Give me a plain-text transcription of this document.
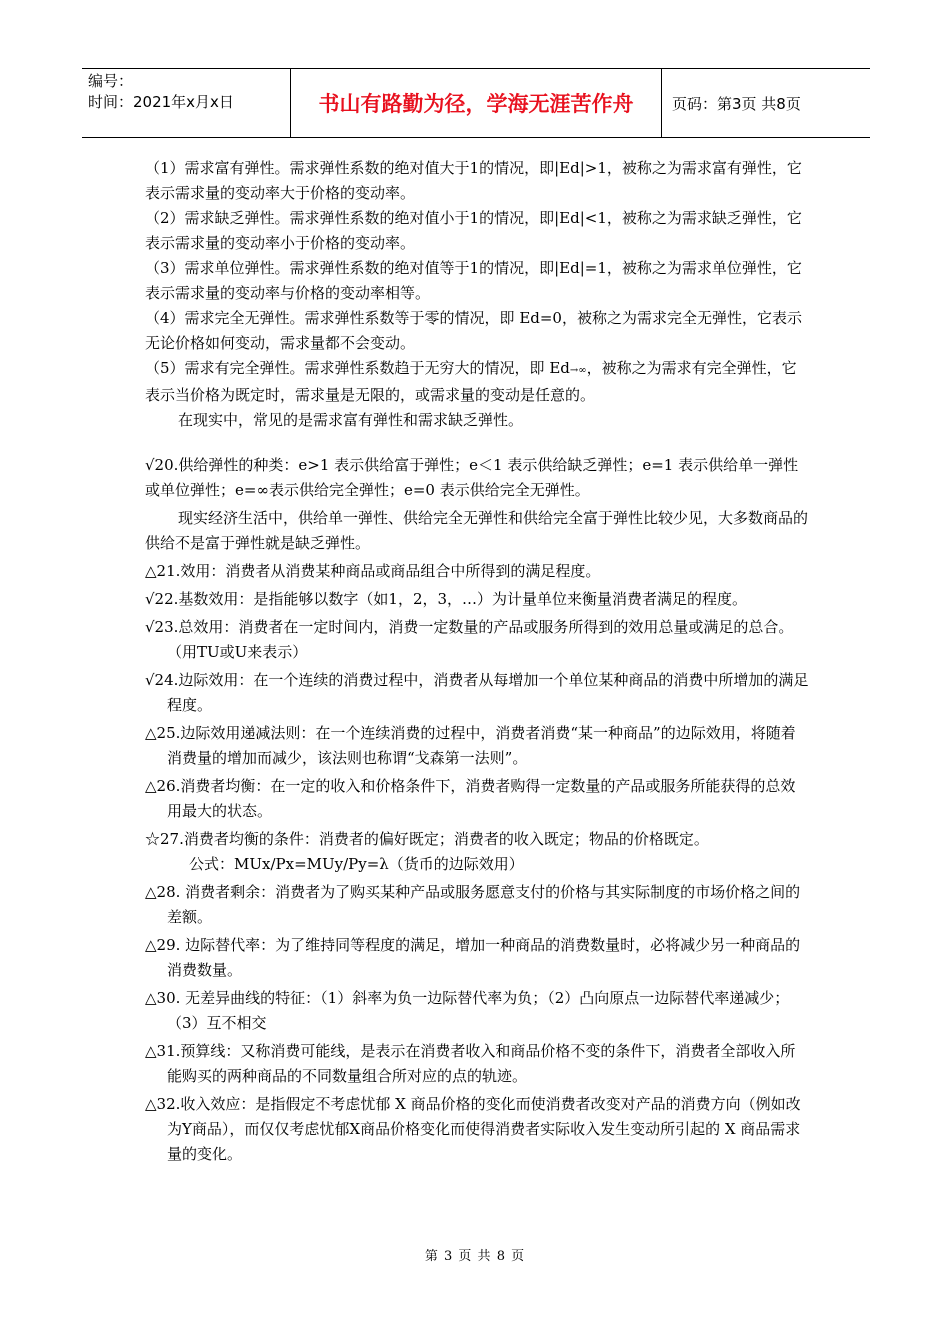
编号：
时间：2021年x月x日	书山有路勤为径，学海无涯苦作舟	页码：第3页 共8页

（1）需求富有弹性。需求弹性系数的绝对值大于1的情况，即|Ed|>1，被称之为需求富有弹性，它表示需求量的变动率大于价格的变动率。

（2）需求缺乏弹性。需求弹性系数的绝对值小于1的情况，即|Ed|<1，被称之为需求缺乏弹性，它表示需求量的变动率小于价格的变动率。

（3）需求单位弹性。需求弹性系数的绝对值等于1的情况，即|Ed|=1，被称之为需求单位弹性，它表示需求量的变动率与价格的变动率相等。

（4）需求完全无弹性。需求弹性系数等于零的情况，即 Ed=0，被称之为需求完全无弹性，它表示无论价格如何变动，需求量都不会变动。

（5）需求有完全弹性。需求弹性系数趋于无穷大的情况，即 Ed→∞，被称之为需求有完全弹性，它表示当价格为既定时，需求量是无限的，或需求量的变动是任意的。

在现实中，常见的是需求富有弹性和需求缺乏弹性。

√20.供给弹性的种类：e>1 表示供给富于弹性；e＜1 表示供给缺乏弹性；e=1 表示供给单一弹性或单位弹性；e=∞表示供给完全弹性；e=0 表示供给完全无弹性。

现实经济生活中，供给单一弹性、供给完全无弹性和供给完全富于弹性比较少见，大多数商品的供给不是富于弹性就是缺乏弹性。

△21.效用：消费者从消费某种商品或商品组合中所得到的满足程度。

√22.基数效用：是指能够以数字（如1，2，3，…）为计量单位来衡量消费者满足的程度。

√23.总效用：消费者在一定时间内，消费一定数量的产品或服务所得到的效用总量或满足的总合。（用TU或U来表示）

√24.边际效用：在一个连续的消费过程中，消费者从每增加一个单位某种商品的消费中所增加的满足程度。

△25.边际效用递减法则：在一个连续消费的过程中，消费者消费“某一种商品”的边际效用，将随着消费量的增加而减少，该法则也称谓“戈森第一法则”。

△26.消费者均衡：在一定的收入和价格条件下，消费者购得一定数量的产品或服务所能获得的总效用最大的状态。

☆27.消费者均衡的条件：消费者的偏好既定；消费者的收入既定；物品的价格既定。

公式：MUx/Px=MUy/Py=λ（货币的边际效用）

△28. 消费者剩余：消费者为了购买某种产品或服务愿意支付的价格与其实际制度的市场价格之间的差额。

△29. 边际替代率：为了维持同等程度的满足，增加一种商品的消费数量时，必将减少另一种商品的消费数量。

△30. 无差异曲线的特征：（1）斜率为负一边际替代率为负；（2）凸向原点一边际替代率递减少；（3）互不相交

△31.预算线：又称消费可能线，是表示在消费者收入和商品价格不变的条件下，消费者全部收入所能购买的两种商品的不同数量组合所对应的点的轨迹。

△32.收入效应：是指假定不考虑忧郁 X 商品价格的变化而使消费者改变对产品的消费方向（例如改为Y商品），而仅仅考虑忧郁X商品价格变化而使得消费者实际收入发生变动所引起的 X 商品需求量的变化。

第 3 页 共 8 页
